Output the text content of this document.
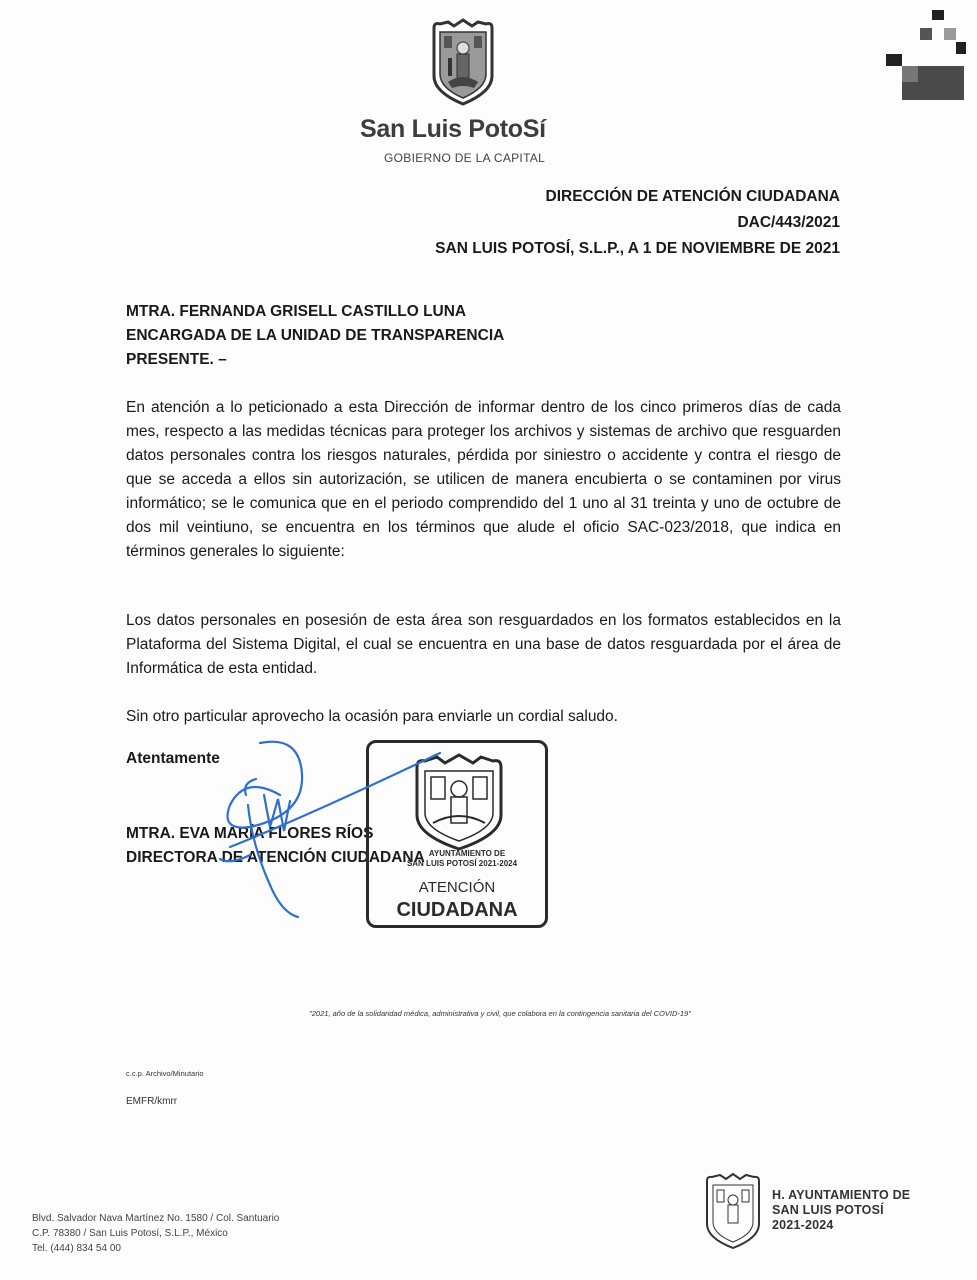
San Luis PotoSí
GOBIERNO DE LA CAPITAL
DIRECCIÓN DE ATENCIÓN CIUDADANA
DAC/443/2021
SAN LUIS POTOSÍ, S.L.P., A 1 DE NOVIEMBRE DE 2021
MTRA. FERNANDA GRISELL CASTILLO LUNA
ENCARGADA DE LA UNIDAD DE TRANSPARENCIA
PRESENTE. –
En atención a lo peticionado a esta Dirección de informar dentro de los cinco primeros días de cada mes, respecto a las medidas técnicas para proteger los archivos y sistemas de archivo que resguarden datos personales contra los riesgos naturales, pérdida por siniestro o accidente y contra el riesgo de que se acceda a ellos sin autorización, se utilicen de manera encubierta o se contaminen por virus informático; se le comunica que en el periodo comprendido del 1 uno al 31 treinta y uno de octubre de dos mil veintiuno, se encuentra en los términos que alude el oficio SAC-023/2018, que indica en términos generales lo siguiente:
Los datos personales en posesión de esta área son resguardados en los formatos establecidos en la Plataforma del Sistema Digital, el cual se encuentra en una base de datos resguardada por el área de Informática de esta entidad.
Sin otro particular aprovecho la ocasión para enviarle un cordial saludo.
Atentamente
MTRA. EVA MARÍA FLORES RÍOS
DIRECTORA DE ATENCIÓN CIUDADANA AYUNTAMIENTO DE
SAN LUIS POTOSÍ 2021-2024
ATENCIÓN
CIUDADANA
"2021, año de la solidaridad médica, administrativa y civil, que colabora en la contingencia sanitaria del COVID-19"
c.c.p. Archivo/Minutario
EMFR/kmrr
Blvd. Salvador Nava Martínez No. 1580 / Col. Santuario
C.P. 78380 / San Luis Potosí, S.L.P., México
Tel. (444) 834 54 00
H. AYUNTAMIENTO DE
SAN LUIS POTOSÍ
2021-2024
